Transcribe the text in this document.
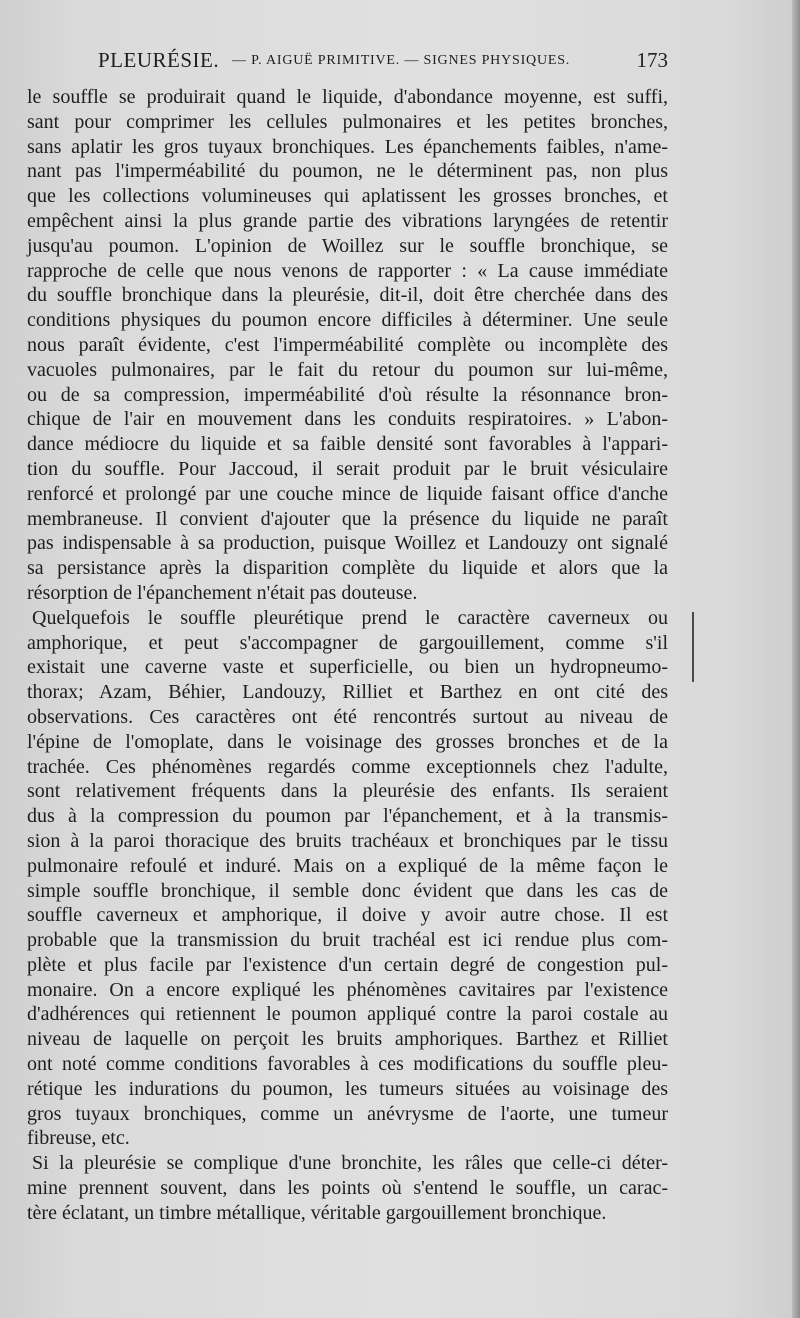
PLEURÉSIE. — P. AIGUË PRIMITIVE. — SIGNES PHYSIQUES.	173
le souffle se produirait quand le liquide, d'abondance moyenne, est suffi,
sant pour comprimer les cellules pulmonaires et les petites bronches,
sans aplatir les gros tuyaux bronchiques. Les épanchements faibles, n'ame-
nant pas l'imperméabilité du poumon, ne le déterminent pas, non plus
que les collections volumineuses qui aplatissent les grosses bronches, et
empêchent ainsi la plus grande partie des vibrations laryngées de retentir
jusqu'au poumon. L'opinion de Woillez sur le souffle bronchique, se
rapproche de celle que nous venons de rapporter : « La cause immédiate
du souffle bronchique dans la pleurésie, dit-il, doit être cherchée dans des
conditions physiques du poumon encore difficiles à déterminer. Une seule
nous paraît évidente, c'est l'imperméabilité complète ou incomplète des
vacuoles pulmonaires, par le fait du retour du poumon sur lui-même,
ou de sa compression, imperméabilité d'où résulte la résonnance bron-
chique de l'air en mouvement dans les conduits respiratoires. » L'abon-
dance médiocre du liquide et sa faible densité sont favorables à l'appari-
tion du souffle. Pour Jaccoud, il serait produit par le bruit vésiculaire
renforcé et prolongé par une couche mince de liquide faisant office d'anche
membraneuse. Il convient d'ajouter que la présence du liquide ne paraît
pas indispensable à sa production, puisque Woillez et Landouzy ont signalé
sa persistance après la disparition complète du liquide et alors que la
résorption de l'épanchement n'était pas douteuse.
Quelquefois le souffle pleurétique prend le caractère caverneux ou
amphorique, et peut s'accompagner de gargouillement, comme s'il
existait une caverne vaste et superficielle, ou bien un hydropneumo-
thorax; Azam, Béhier, Landouzy, Rilliet et Barthez en ont cité des
observations. Ces caractères ont été rencontrés surtout au niveau de
l'épine de l'omoplate, dans le voisinage des grosses bronches et de la
trachée. Ces phénomènes regardés comme exceptionnels chez l'adulte,
sont relativement fréquents dans la pleurésie des enfants. Ils seraient
dus à la compression du poumon par l'épanchement, et à la transmis-
sion à la paroi thoracique des bruits trachéaux et bronchiques par le tissu
pulmonaire refoulé et induré. Mais on a expliqué de la même façon le
simple souffle bronchique, il semble donc évident que dans les cas de
souffle caverneux et amphorique, il doive y avoir autre chose. Il est
probable que la transmission du bruit trachéal est ici rendue plus com-
plète et plus facile par l'existence d'un certain degré de congestion pul-
monaire. On a encore expliqué les phénomènes cavitaires par l'existence
d'adhérences qui retiennent le poumon appliqué contre la paroi costale au
niveau de laquelle on perçoit les bruits amphoriques. Barthez et Rilliet
ont noté comme conditions favorables à ces modifications du souffle pleu-
rétique les indurations du poumon, les tumeurs situées au voisinage des
gros tuyaux bronchiques, comme un anévrysme de l'aorte, une tumeur
fibreuse, etc.
Si la pleurésie se complique d'une bronchite, les râles que celle-ci déter-
mine prennent souvent, dans les points où s'entend le souffle, un carac-
tère éclatant, un timbre métallique, véritable gargouillement bronchique.
